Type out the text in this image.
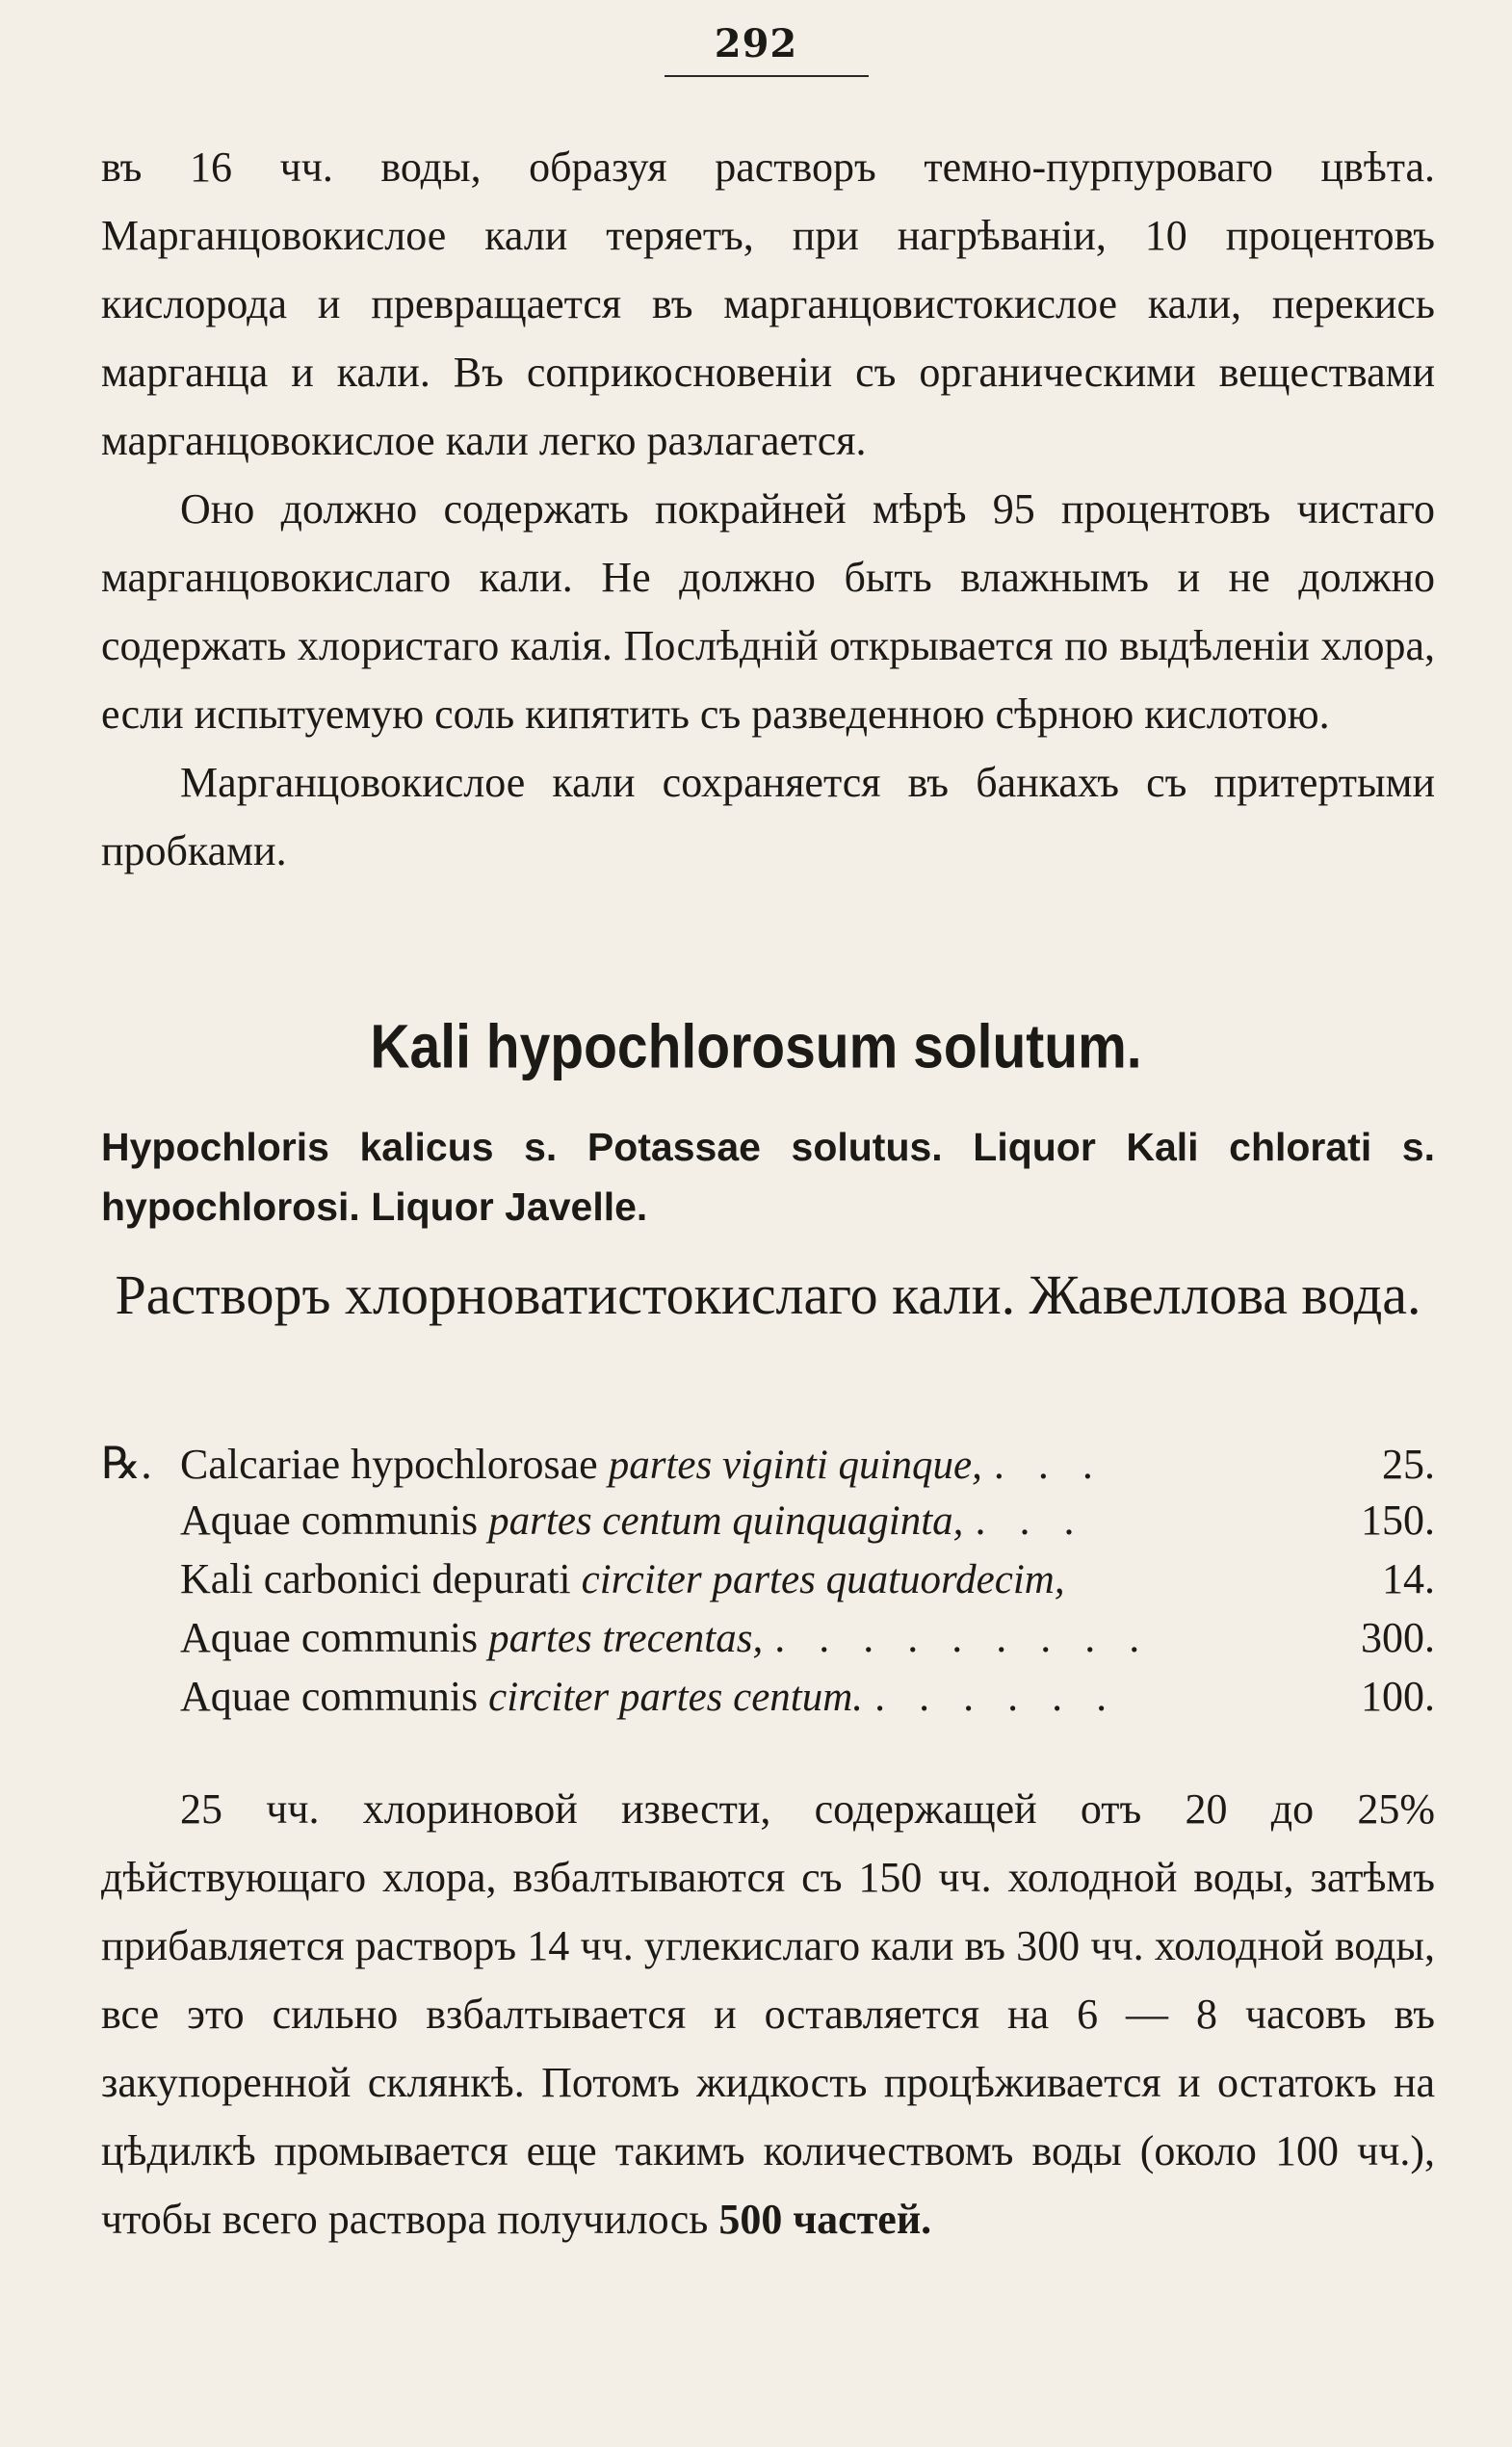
292

въ 16 чч. воды, образуя растворъ темно-пурпуроваго цвѣта. Марганцовокислое кали теряетъ, при нагрѣваніи, 10 процентовъ кислорода и превращается въ марганцовистокислое кали, перекись марганца и кали. Въ соприкосновеніи съ органическими веществами марганцовокислое кали легко разлагается.

Оно должно содержать покрайней мѣрѣ 95 процентовъ чистаго марганцовокислаго кали. Не должно быть влажнымъ и не должно содержать хлористаго калія. Послѣдній открывается по выдѣленіи хлора, если испытуемую соль кипятить съ разведенною сѣрною кислотою.

Марганцовокислое кали сохраняется въ банкахъ съ притертыми пробками.

Kali hypochlorosum solutum.
Hypochloris kalicus s. Potassae solutus. Liquor Kali chlorati s. hypochlorosi. Liquor Javelle.
Растворъ хлорноватистокислаго кали. Жавеллова вода.
℞. Calcariae hypochlorosae partes viginti quinque, . . .	25.
Aquae communis partes centum quinquaginta, . . .	150.
Kali carbonici depurati circiter partes quatuordecim,	14.
Aquae communis partes trecentas, . . . . . . . . .	300.
Aquae communis circiter partes centum. . . . . . .	100.

25 чч. хлориновой извести, содержащей отъ 20 до 25% дѣйствующаго хлора, взбалтываются съ 150 чч. холодной воды, затѣмъ прибавляется растворъ 14 чч. углекислаго кали въ 300 чч. холодной воды, все это сильно взбалтывается и оставляется на 6 — 8 часовъ въ закупоренной склянкѣ. Потомъ жидкость процѣживается и остатокъ на цѣдилкѣ промывается еще такимъ количествомъ воды (около 100 чч.), чтобы всего раствора получилось 500 частей.
